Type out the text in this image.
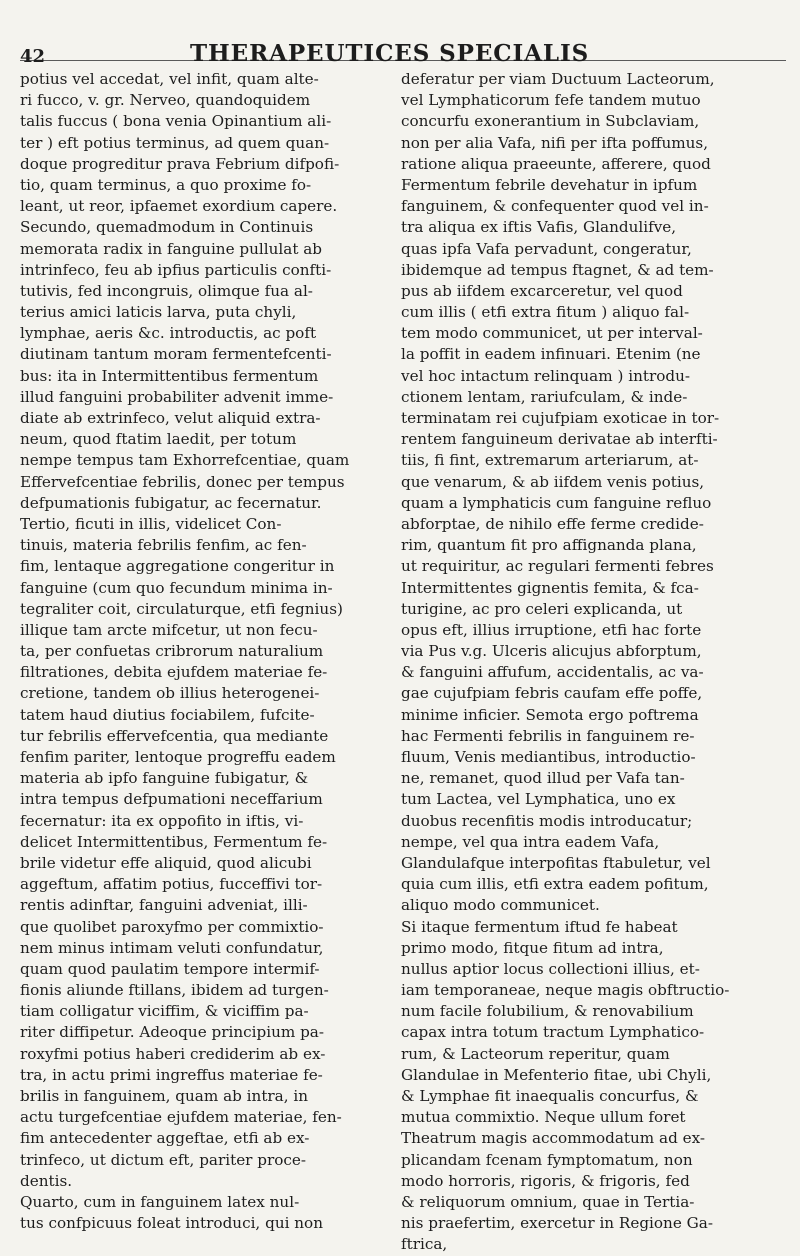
42	THERAPEUTICES SPECIALIS
potius vel accedat, vel infit, quam alte-
ri fucco, v. gr. Nerveo, quandoquidem
talis fuccus ( bona venia Opinantium ali-
ter ) eft potius terminus, ad quem quan-
doque progreditur prava Febrium difpofi-
tio, quam terminus, a quo proxime fo-
leant, ut reor, ipfaemet exordium capere.
Secundo, quemadmodum in Continuis
memorata radix in fanguine pullulat ab
intrinfeco, feu ab ipfius particulis confti-
tutivis, fed incongruis, olimque fua al-
terius amici laticis larva, puta chyli,
lymphae, aeris &c. introductis, ac poft
diutinam tantum moram fermentefcenti-
bus: ita in Intermittentibus fermentum
illud fanguini probabiliter advenit imme-
diate ab extrinfeco, velut aliquid extra-
neum, quod ftatim laedit, per totum
nempe tempus tam Exhorrefcentiae, quam
Effervefcentiae febrilis, donec per tempus
defpumationis fubigatur, ac fecernatur.
Tertio, ficuti in illis, videlicet Con-
tinuis, materia febrilis fenfim, ac fen-
fim, lentaque aggregatione congeritur in
fanguine (cum quo fecundum minima in-
tegraliter coit, circulaturque, etfi fegnius)
illique tam arcte mifcetur, ut non fecu-
ta, per confuetas cribrorum naturalium
filtrationes, debita ejufdem materiae fe-
cretione, tandem ob illius heterogenei-
tatem haud diutius fociabilem, fufcite-
tur febrilis effervefcentia, qua mediante
fenfim pariter, lentoque progreffu eadem
materia ab ipfo fanguine fubigatur, &
intra tempus defpumationi neceffarium
fecernatur: ita ex oppofito in iftis, vi-
delicet Intermittentibus, Fermentum fe-
brile videtur effe aliquid, quod alicubi
aggeftum, affatim potius, fucceffivi tor-
rentis adinftar, fanguini adveniat, illi-
que quolibet paroxyfmo per commixtio-
nem minus intimam veluti confundatur,
quam quod paulatim tempore intermif-
fionis aliunde ftillans, ibidem ad turgen-
tiam colligatur viciffim, & viciffim pa-
riter diffipetur. Adeoque principium pa-
roxyfmi potius haberi crediderim ab ex-
tra, in actu primi ingreffus materiae fe-
brilis in fanguinem, quam ab intra, in
actu turgefcentiae ejufdem materiae, fen-
fim antecedenter aggeftae, etfi ab ex-
trinfeco, ut dictum eft, pariter proce-
dentis.
Quarto, cum in fanguinem latex nul-
tus confpicuus foleat introduci, qui non
deferatur per viam Ductuum Lacteorum,
vel Lymphaticorum fefe tandem mutuo
concurfu exonerantium in Subclaviam,
non per alia Vafa, nifi per ifta poffumus,
ratione aliqua praeeunte, afferere, quod
Fermentum febrile devehatur in ipfum
fanguinem, & confequenter quod vel in-
tra aliqua ex iftis Vafis, Glandulifve,
quas ipfa Vafa pervadunt, congeratur,
ibidemque ad tempus ftagnet, & ad tem-
pus ab iifdem excarceretur, vel quod
cum illis ( etfi extra fitum ) aliquo fal-
tem modo communicet, ut per interval-
la poffit in eadem infinuari. Etenim (ne
vel hoc intactum relinquam ) introdu-
ctionem lentam, rariufculam, & inde-
terminatam rei cujufpiam exoticae in tor-
rentem fanguineum derivatae ab interfti-
tiis, fi fint, extremarum arteriarum, at-
que venarum, & ab iifdem venis potius,
quam a lymphaticis cum fanguine refluo
abforptae, de nihilo effe ferme credide-
rim, quantum fit pro affignanda plana,
ut requiritur, ac regulari fermenti febres
Intermittentes gignentis femita, & fca-
turigine, ac pro celeri explicanda, ut
opus eft, illius irruptione, etfi hac forte
via Pus v.g. Ulceris alicujus abforptum,
& fanguini affufum, accidentalis, ac va-
gae cujufpiam febris caufam effe poffe,
minime inficier. Semota ergo poftrema
hac Fermenti febrilis in fanguinem re-
fluum, Venis mediantibus, introductio-
ne, remanet, quod illud per Vafa tan-
tum Lactea, vel Lymphatica, uno ex
duobus recenfitis modis introducatur;
nempe, vel qua intra eadem Vafa,
Glandulafque interpofitas ftabuletur, vel
quia cum illis, etfi extra eadem pofitum,
aliquo modo communicet.
Si itaque fermentum iftud fe habeat
primo modo, fitque fitum ad intra,
nullus aptior locus collectioni illius, et-
iam temporaneae, neque magis obftructio-
num facile folubilium, & renovabilium
capax intra totum tractum Lymphatico-
rum, & Lacteorum reperitur, quam
Glandulae in Mefenterio fitae, ubi Chyli,
& Lymphae fit inaequalis concurfus, &
mutua commixtio. Neque ullum foret
Theatrum magis accommodatum ad ex-
plicandam fcenam fymptomatum, non
modo horroris, rigoris, & frigoris, fed
& reliquorum omnium, quae in Tertia-
nis praefertim, exercetur in Regione Ga-
ftrica,
